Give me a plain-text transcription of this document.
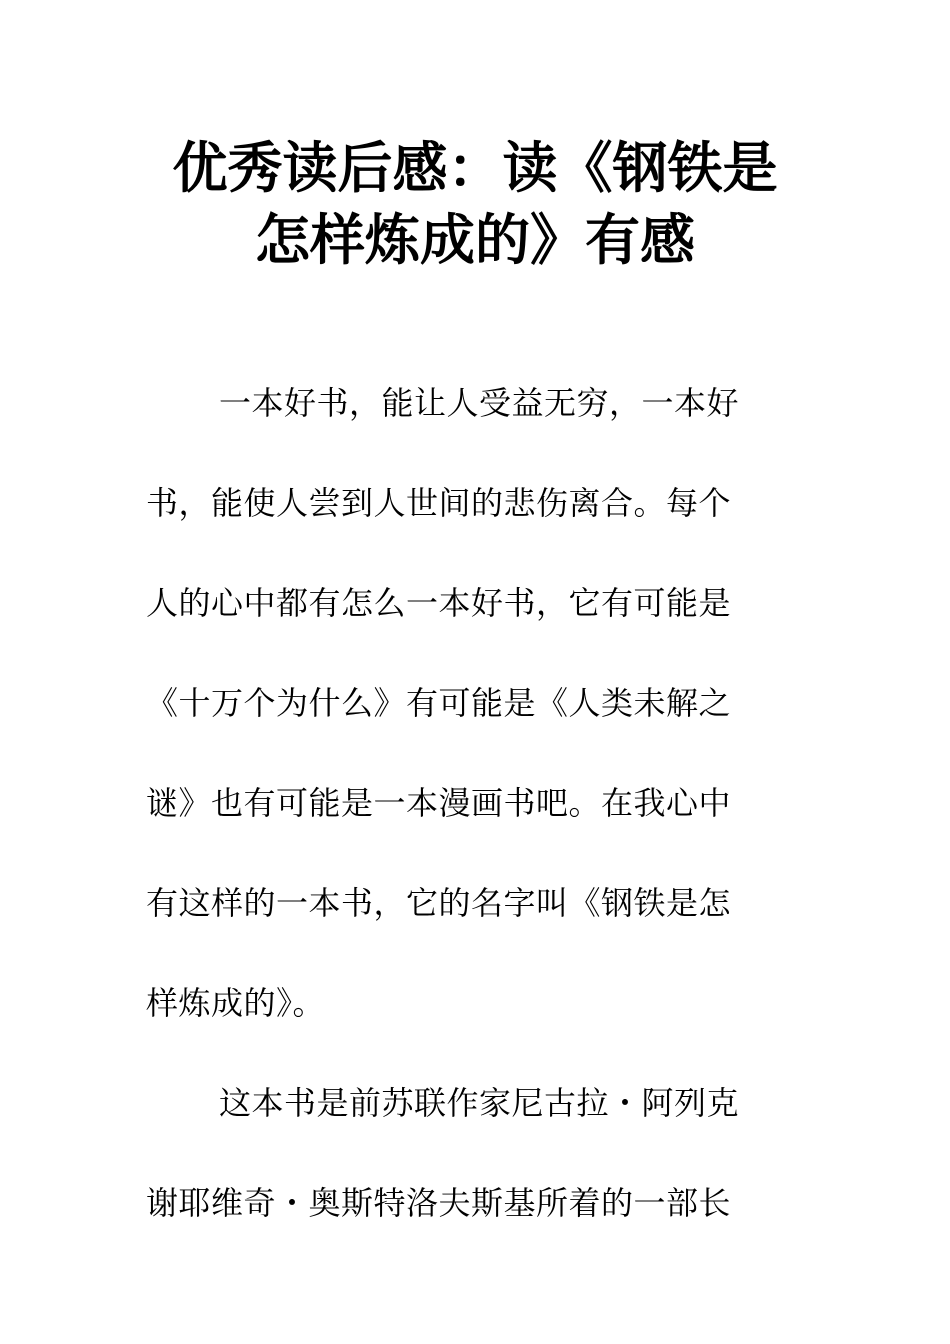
优秀读后感：读《钢铁是
怎样炼成的》有感
一本好书，能让人受益无穷，一本好
书，能使人尝到人世间的悲伤离合。每个
人的心中都有怎么一本好书，它有可能是
《十万个为什么》有可能是《人类未解之
谜》也有可能是一本漫画书吧。在我心中
有这样的一本书，它的名字叫《钢铁是怎
样炼成的》。
这本书是前苏联作家尼古拉・阿列克
谢耶维奇・奥斯特洛夫斯基所着的一部长
